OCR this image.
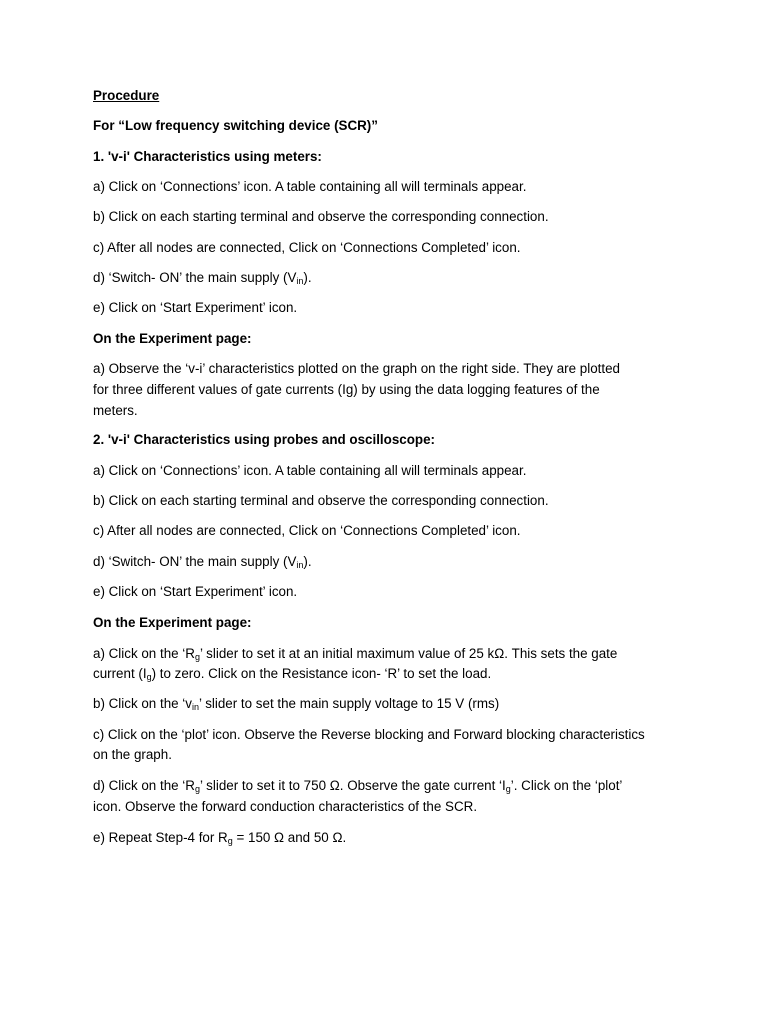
Procedure
For “Low frequency switching device (SCR)”
1. 'v-i' Characteristics using meters:
a) Click on ‘Connections’ icon. A table containing all will terminals appear.
b) Click on each starting terminal and observe the corresponding connection.
c) After all nodes are connected, Click on ‘Connections Completed’ icon.
d) ‘Switch- ON’ the main supply $(V_{in})$.
e) Click on ‘Start Experiment’ icon.
On the Experiment page:
a) Observe the ‘v-i’ characteristics plotted on the graph on the right side. They are plotted
for three different values of gate currents (Ig) by using the data logging features of the
meters.
2. 'v-i' Characteristics using probes and oscilloscope:
a) Click on ‘Connections’ icon. A table containing all will terminals appear.
b) Click on each starting terminal and observe the corresponding connection.
c) After all nodes are connected, Click on ‘Connections Completed’ icon.
d) ‘Switch- ON’ the main supply $(V_{in})$.
e) Click on ‘Start Experiment’ icon.
On the Experiment page:
a) Click on the ‘$R_g$’ slider to set it at an initial maximum value of 25 kΩ. This sets the gate
current $(I_g)$ to zero. Click on the Resistance icon- ‘R’ to set the load.
b) Click on the ‘$v_{in}$’ slider to set the main supply voltage to 15 V (rms)
c) Click on the ‘plot’ icon. Observe the Reverse blocking and Forward blocking characteristics
on the graph.
d) Click on the ‘$R_g$’ slider to set it to 750 Ω. Observe the gate current ‘$I_g$’. Click on the ‘plot’
icon. Observe the forward conduction characteristics of the SCR.
e) Repeat Step-4 for $R_g = 150$ Ω and 50 Ω.
